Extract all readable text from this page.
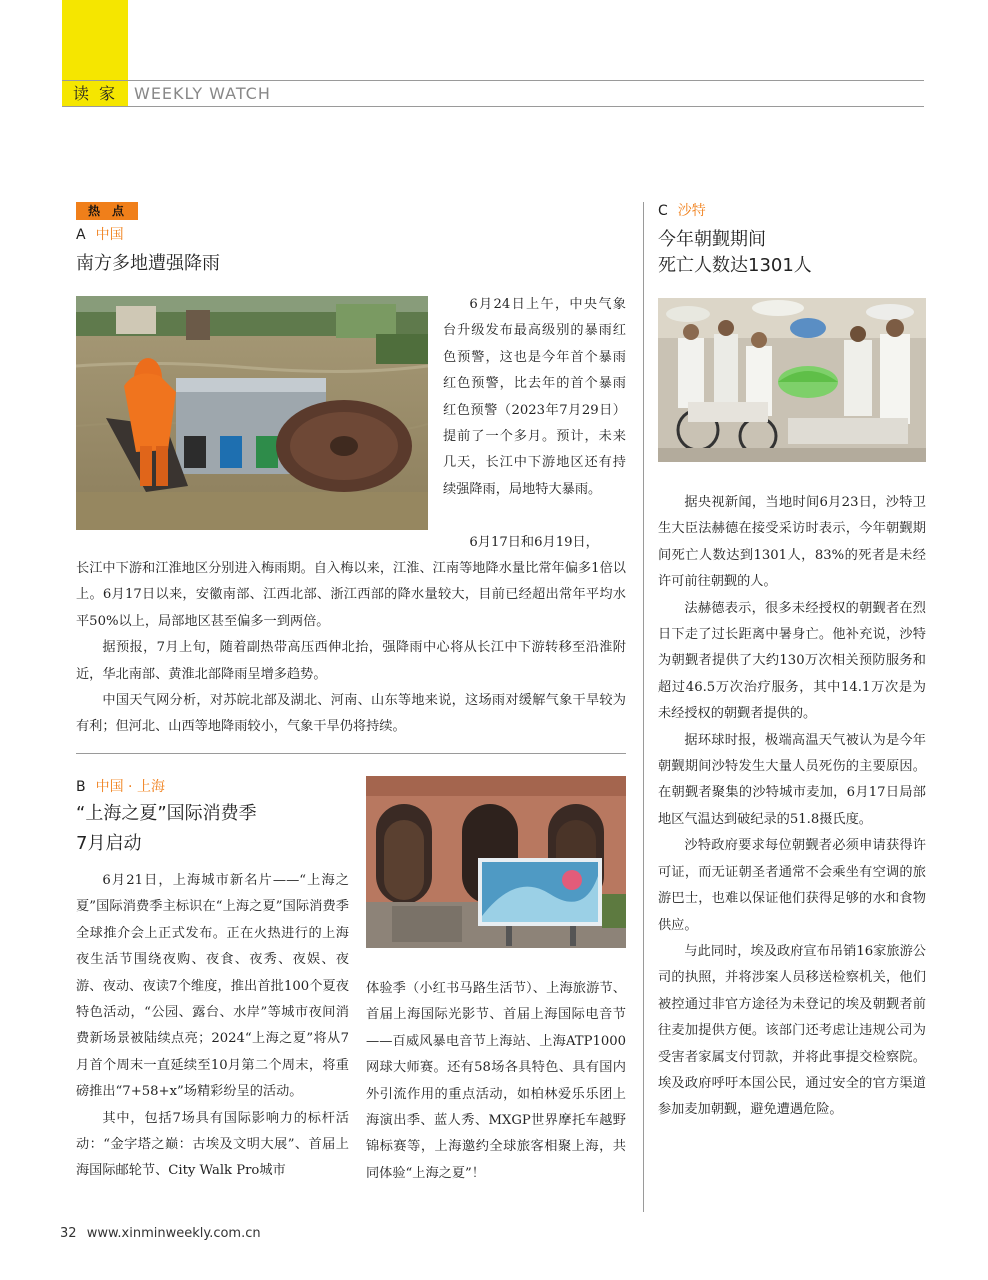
读家 WEEKLY WATCH
热点
A 中国
南方多地遭强降雨

6月24日上午，中央气象台升级发布最高级别的暴雨红色预警，这也是今年首个暴雨红色预警，比去年的首个暴雨红色预警（2023年7月29日）提前了一个多月。预计，未来几天，长江中下游地区还有持续强降雨，局地特大暴雨。

6月17日和6月19日，

长江中下游和江淮地区分别进入梅雨期。自入梅以来，江淮、江南等地降水量比常年偏多1倍以上。6月17日以来，安徽南部、江西北部、浙江西部的降水量较大，目前已经超出常年平均水平50%以上，局部地区甚至偏多一到两倍。

据预报，7月上旬，随着副热带高压西伸北抬，强降雨中心将从长江中下游转移至沿淮附近，华北南部、黄淮北部降雨呈增多趋势。

中国天气网分析，对苏皖北部及湖北、河南、山东等地来说，这场雨对缓解气象干旱较为有利；但河北、山西等地降雨较小，气象干旱仍将持续。

B 中国 · 上海
“上海之夏”国际消费季
7月启动

6月21日，上海城市新名片——“上海之夏”国际消费季主标识在“上海之夏”国际消费季全球推介会上正式发布。正在火热进行的上海夜生活节围绕夜购、夜食、夜秀、夜娱、夜游、夜动、夜读7个维度，推出首批100个夏夜特色活动，“公园、露台、水岸”等城市夜间消费新场景被陆续点亮；2024“上海之夏”将从7月首个周末一直延续至10月第二个周末，将重磅推出“7+58+x”场精彩纷呈的活动。

其中，包括7场具有国际影响力的标杆活动：“金字塔之巅：古埃及文明大展”、首届上海国际邮轮节、City Walk Pro城市

体验季（小红书马路生活节）、上海旅游节、首届上海国际光影节、首届上海国际电音节——百威风暴电音节上海站、上海ATP1000网球大师赛。还有58场各具特色、具有国内外引流作用的重点活动，如柏林爱乐乐团上海演出季、蓝人秀、MXGP世界摩托车越野锦标赛等，上海邀约全球旅客相聚上海，共同体验“上海之夏”！

C 沙特
今年朝觐期间
死亡人数达1301人

据央视新闻，当地时间6月23日，沙特卫生大臣法赫德在接受采访时表示，今年朝觐期间死亡人数达到1301人，83%的死者是未经许可前往朝觐的人。

法赫德表示，很多未经授权的朝觐者在烈日下走了过长距离中暑身亡。他补充说，沙特为朝觐者提供了大约130万次相关预防服务和超过46.5万次治疗服务，其中14.1万次是为未经授权的朝觐者提供的。

据环球时报，极端高温天气被认为是今年朝觐期间沙特发生大量人员死伤的主要原因。在朝觐者聚集的沙特城市麦加，6月17日局部地区气温达到破纪录的51.8摄氏度。

沙特政府要求每位朝觐者必须申请获得许可证，而无证朝圣者通常不会乘坐有空调的旅游巴士，也难以保证他们获得足够的水和食物供应。

与此同时，埃及政府宣布吊销16家旅游公司的执照，并将涉案人员移送检察机关，他们被控通过非官方途径为未登记的埃及朝觐者前往麦加提供方便。该部门还考虑让违规公司为受害者家属支付罚款，并将此事提交检察院。埃及政府呼吁本国公民，通过安全的官方渠道参加麦加朝觐，避免遭遇危险。

32 www.xinminweekly.com.cn
